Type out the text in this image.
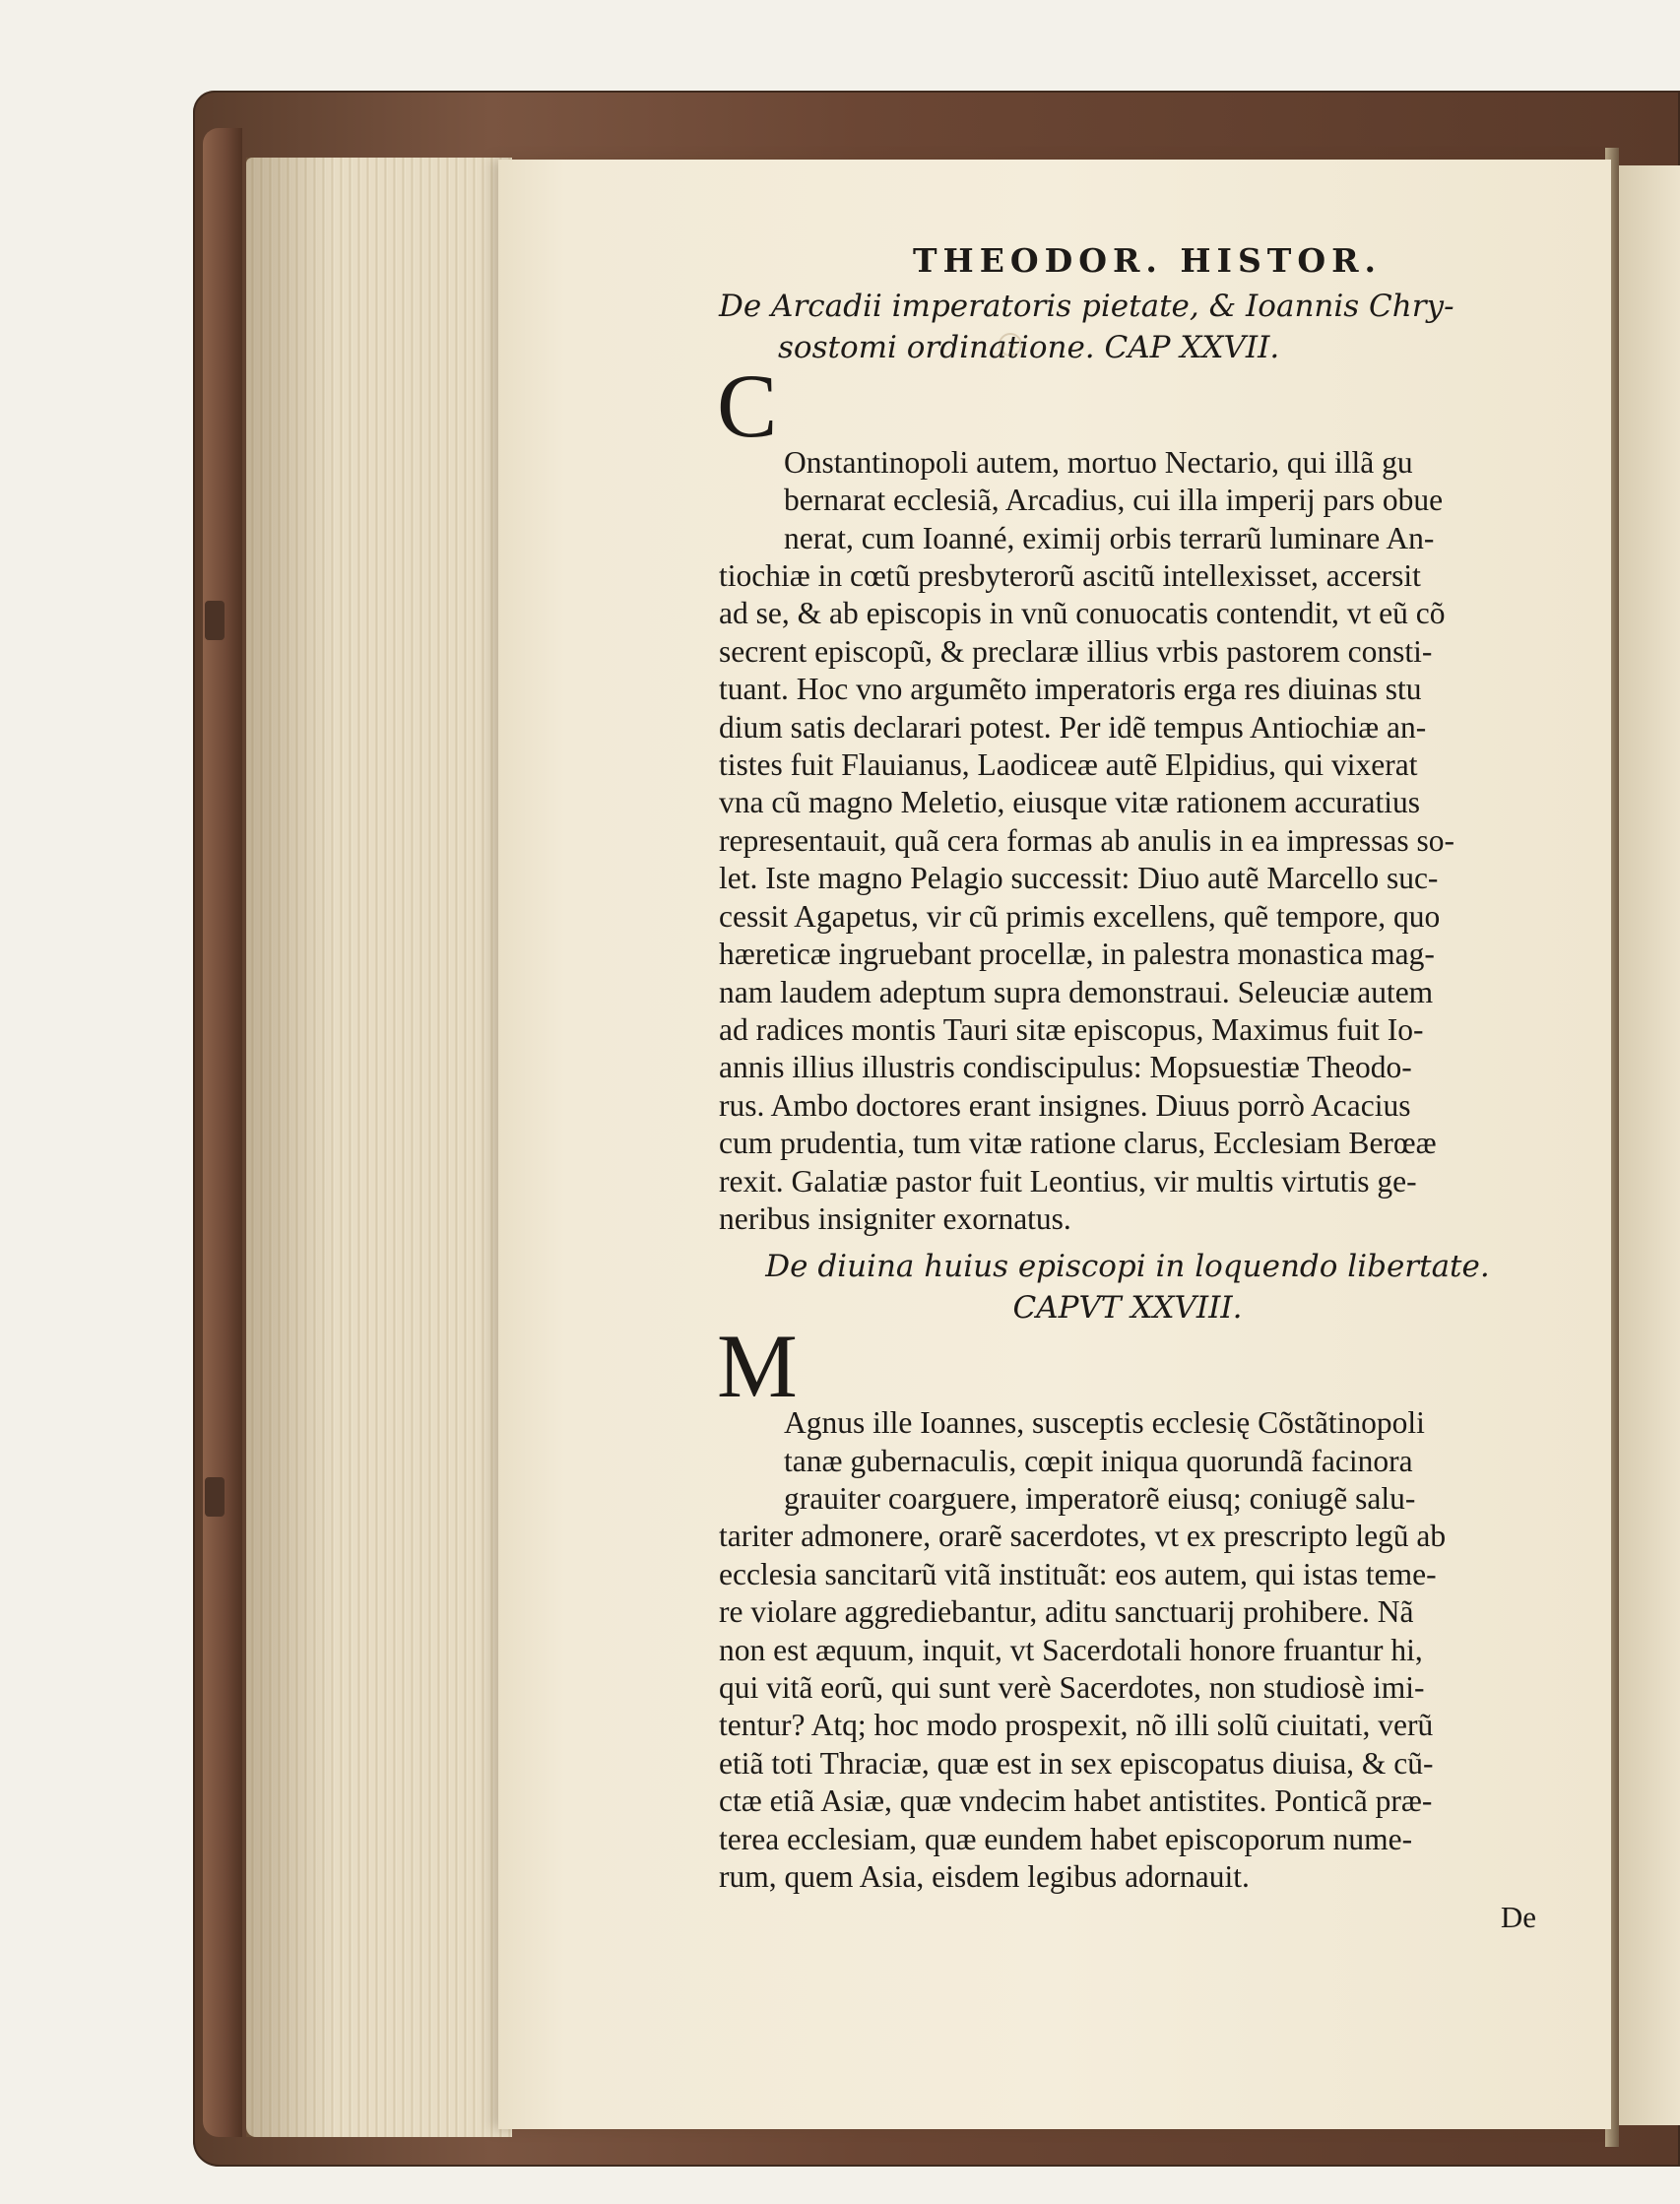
THEODOR. HISTOR.
De Arcadii imperatoris pietate, & Ioannis Chry-
sostomi ordinatione. CAP XXVII.

C

Onstantinopoli autem, mortuo Nectario, qui illã gu
bernarat ecclesiã, Arcadius, cui illa imperij pars obue
nerat, cum Ioanné, eximij orbis terrarũ luminare An-

tiochiæ in cœtũ presbyterorũ ascitũ intellexisset, accersit
ad se, & ab episcopis in vnũ conuocatis contendit, vt eũ cõ
secrent episcopũ, & preclaræ illius vrbis pastorem consti-
tuant. Hoc vno argumẽto imperatoris erga res diuinas stu
dium satis declarari potest. Per idẽ tempus Antiochiæ an-
tistes fuit Flauianus, Laodiceæ autẽ Elpidius, qui vixerat
vna cũ magno Meletio, eiusque vitæ rationem accuratius
representauit, quã cera formas ab anulis in ea impressas so-
let. Iste magno Pelagio successit: Diuo autẽ Marcello suc-
cessit Agapetus, vir cũ primis excellens, quẽ tempore, quo
hæreticæ ingruebant procellæ, in palestra monastica mag-
nam laudem adeptum supra demonstraui. Seleuciæ autem
ad radices montis Tauri sitæ episcopus, Maximus fuit Io-
annis illius illustris condiscipulus: Mopsuestiæ Theodo-
rus. Ambo doctores erant insignes. Diuus porrò Acacius
cum prudentia, tum vitæ ratione clarus, Ecclesiam Berœæ
rexit. Galatiæ pastor fuit Leontius, vir multis virtutis ge-
neribus insigniter exornatus.
De diuina huius episcopi in loquendo libertate.
CAPVT XXVIII.

M

Agnus ille Ioannes, susceptis ecclesię Cõstãtinopoli
tanæ gubernaculis, cœpit iniqua quorundã facinora
grauiter coarguere, imperatorẽ eiusq; coniugẽ salu-

tariter admonere, orarẽ sacerdotes, vt ex prescripto legũ ab
ecclesia sancitarũ vitã instituãt: eos autem, qui istas teme-
re violare aggrediebantur, aditu sanctuarij prohibere. Nã
non est æquum, inquit, vt Sacerdotali honore fruantur hi,
qui vitã eorũ, qui sunt verè Sacerdotes, non studiosè imi-
tentur? Atq; hoc modo prospexit, nõ illi solũ ciuitati, verũ
etiã toti Thraciæ, quæ est in sex episcopatus diuisa, & cũ-
ctæ etiã Asiæ, quæ vndecim habet antistites. Ponticã præ-
terea ecclesiam, quæ eundem habet episcoporum nume-
rum, quem Asia, eisdem legibus adornauit.
De
